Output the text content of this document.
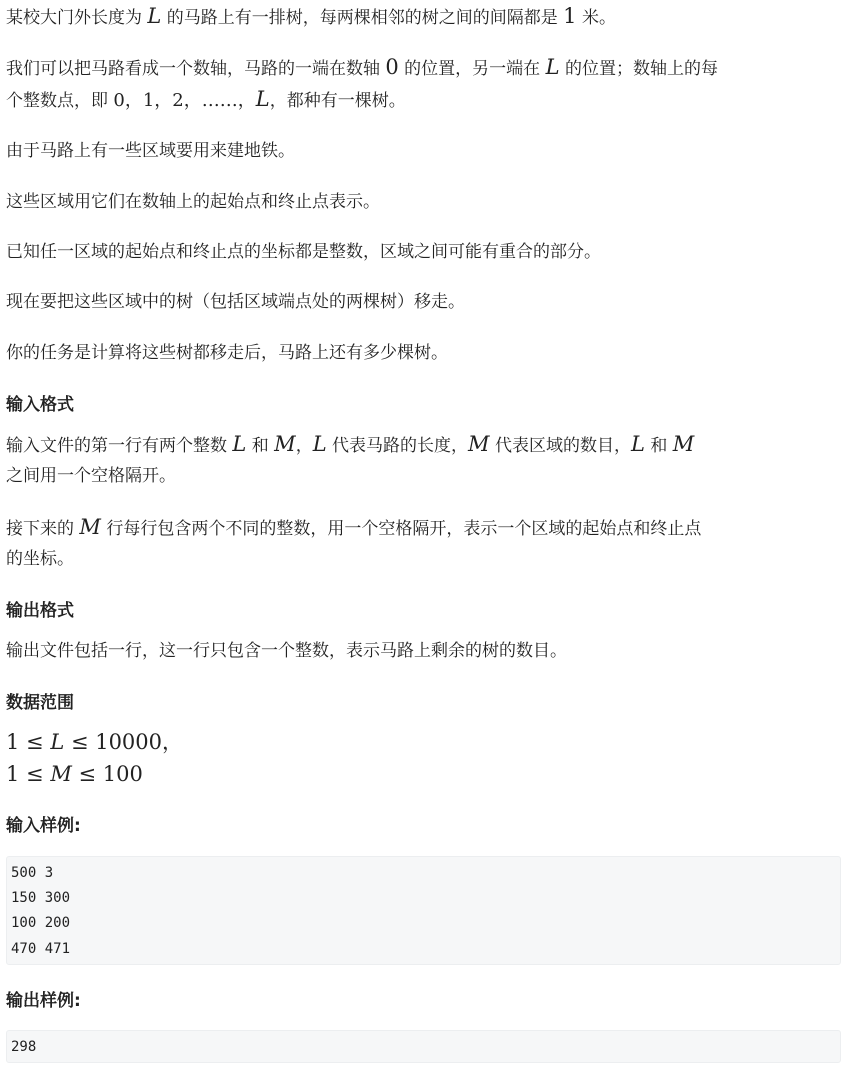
某校大门外长度为 L 的马路上有一排树，每两棵相邻的树之间的间隔都是 1 米。
我们可以把马路看成一个数轴，马路的一端在数轴 0 的位置，另一端在 L 的位置；数轴上的每
个整数点，即 0，1，2，……，L，都种有一棵树。
由于马路上有一些区域要用来建地铁。
这些区域用它们在数轴上的起始点和终止点表示。
已知任一区域的起始点和终止点的坐标都是整数，区域之间可能有重合的部分。
现在要把这些区域中的树（包括区域端点处的两棵树）移走。
你的任务是计算将这些树都移走后，马路上还有多少棵树。
输入格式
输入文件的第一行有两个整数 L 和 M，L 代表马路的长度，M 代表区域的数目，L 和 M
之间用一个空格隔开。
接下来的 M 行每行包含两个不同的整数，用一个空格隔开，表示一个区域的起始点和终止点
的坐标。
输出格式
输出文件包括一行，这一行只包含一个整数，表示马路上剩余的树的数目。
数据范围
1 ≤ L ≤ 10000，
1 ≤ M ≤ 100
输入样例:
500 3
150 300
100 200
470 471
输出样例:
298
